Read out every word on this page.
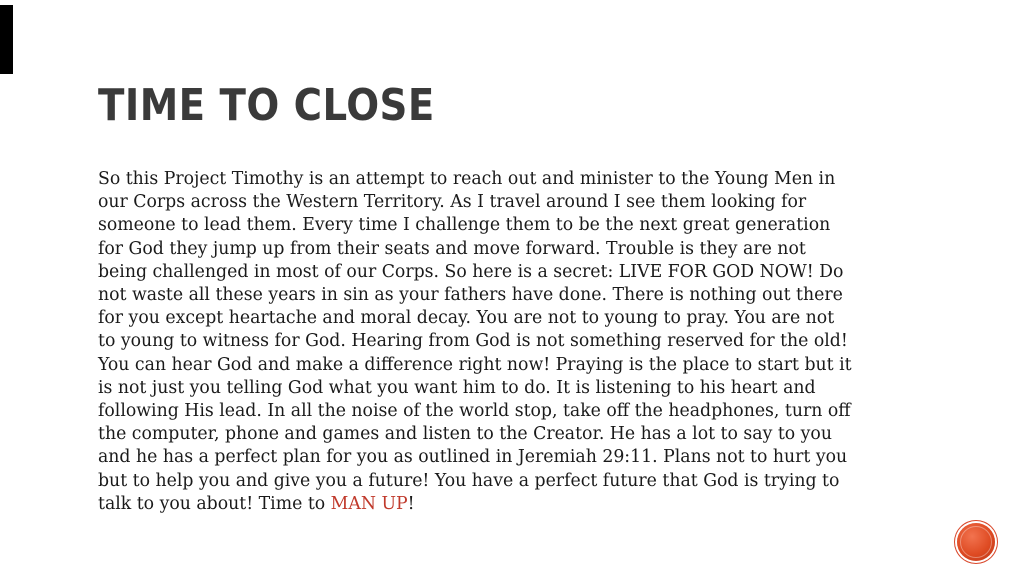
TIME TO CLOSE
So this Project Timothy is an attempt to reach out and minister to the Young Men in
our Corps across the Western Territory. As I travel around I see them looking for
someone to lead them. Every time I challenge them to be the next great generation
for God they jump up from their seats and move forward. Trouble is they are not
being challenged in most of our Corps. So here is a secret: LIVE FOR GOD NOW! Do
not waste all these years in sin as your fathers have done. There is nothing out there
for you except heartache and moral decay. You are not to young to pray. You are not
to young to witness for God. Hearing from God is not something reserved for the old!
You can hear God and make a difference right now! Praying is the place to start but it
is not just you telling God what you want him to do. It is listening to his heart and
following His lead. In all the noise of the world stop, take off the headphones, turn off
the computer, phone and games and listen to the Creator. He has a lot to say to you
and he has a perfect plan for you as outlined in Jeremiah 29:11. Plans not to hurt you
but to help you and give you a future! You have a perfect future that God is trying to
talk to you about! Time to MAN UP!
